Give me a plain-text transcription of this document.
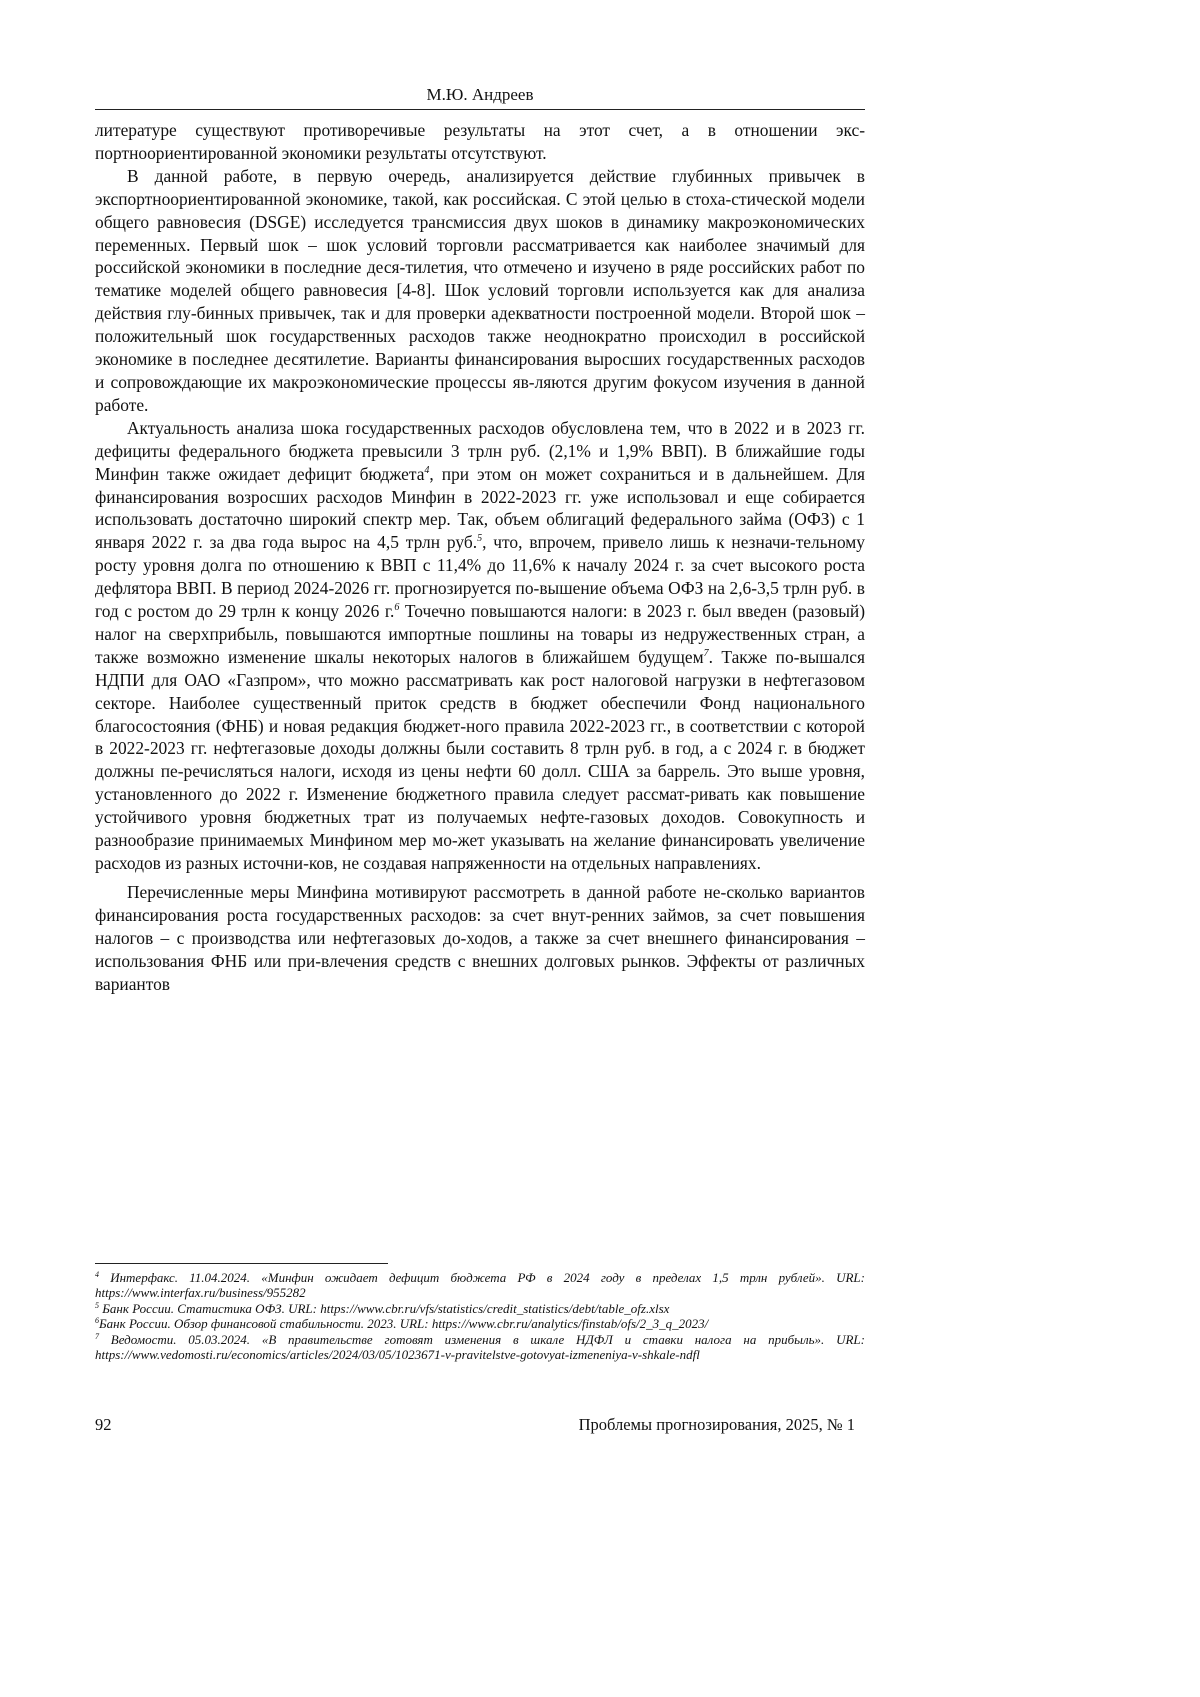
М.Ю. Андреев

литературе существуют противоречивые результаты на этот счет, а в отношении экс-портноориентированной экономики результаты отсутствуют.

В данной работе, в первую очередь, анализируется действие глубинных привычек в экспортноориентированной экономике, такой, как российская. С этой целью в стоха-стической модели общего равновесия (DSGE) исследуется трансмиссия двух шоков в динамику макроэкономических переменных. Первый шок – шок условий торговли рассматривается как наиболее значимый для российской экономики в последние деся-тилетия, что отмечено и изучено в ряде российских работ по тематике моделей общего равновесия [4-8]. Шок условий торговли используется как для анализа действия глу-бинных привычек, так и для проверки адекватности построенной модели. Второй шок – положительный шок государственных расходов также неоднократно происходил в российской экономике в последнее десятилетие. Варианты финансирования выросших государственных расходов и сопровождающие их макроэкономические процессы яв-ляются другим фокусом изучения в данной работе.

Актуальность анализа шока государственных расходов обусловлена тем, что в 2022 и в 2023 гг. дефициты федерального бюджета превысили 3 трлн руб. (2,1% и 1,9% ВВП). В ближайшие годы Минфин также ожидает дефицит бюджета$^4$, при этом он может сохраниться и в дальнейшем. Для финансирования возросших расходов Минфин в 2022-2023 гг. уже использовал и еще собирается использовать достаточно широкий спектр мер. Так, объем облигаций федерального займа (ОФЗ) с 1 января 2022 г. за два года вырос на 4,5 трлн руб.$^5$, что, впрочем, привело лишь к незначи-тельному росту уровня долга по отношению к ВВП с 11,4% до 11,6% к началу 2024 г. за счет высокого роста дефлятора ВВП. В период 2024-2026 гг. прогнозируется по-вышение объема ОФЗ на 2,6-3,5 трлн руб. в год с ростом до 29 трлн к концу 2026 г.$^6$ Точечно повышаются налоги: в 2023 г. был введен (разовый) налог на сверхприбыль, повышаются импортные пошлины на товары из недружественных стран, а также возможно изменение шкалы некоторых налогов в ближайшем будущем$^7$. Также по-вышался НДПИ для ОАО «Газпром», что можно рассматривать как рост налоговой нагрузки в нефтегазовом секторе. Наиболее существенный приток средств в бюджет обеспечили Фонд национального благосостояния (ФНБ) и новая редакция бюджет-ного правила 2022-2023 гг., в соответствии с которой в 2022-2023 гг. нефтегазовые доходы должны были составить 8 трлн руб. в год, а с 2024 г. в бюджет должны пе-речисляться налоги, исходя из цены нефти 60 долл. США за баррель. Это выше уровня, установленного до 2022 г. Изменение бюджетного правила следует рассмат-ривать как повышение устойчивого уровня бюджетных трат из получаемых нефте-газовых доходов. Совокупность и разнообразие принимаемых Минфином мер мо-жет указывать на желание финансировать увеличение расходов из разных источни-ков, не создавая напряженности на отдельных направлениях.

Перечисленные меры Минфина мотивируют рассмотреть в данной работе не-сколько вариантов финансирования роста государственных расходов: за счет внут-ренних займов, за счет повышения налогов – с производства или нефтегазовых до-ходов, а также за счет внешнего финансирования – использования ФНБ или при-влечения средств с внешних долговых рынков. Эффекты от различных вариантов

$^4$ Интерфакс. 11.04.2024. «Минфин ожидает дефицит бюджета РФ в 2024 году в пределах 1,5 трлн рублей». URL: https://www.interfax.ru/business/955282

$^5$ Банк России. Статистика ОФЗ. URL: https://www.cbr.ru/vfs/statistics/credit_statistics/debt/table_ofz.xlsx

$^6$Банк России. Обзор финансовой стабильности. 2023. URL: https://www.cbr.ru/analytics/finstab/ofs/2_3_q_2023/

$^7$ Ведомости. 05.03.2024. «В правительстве готовят изменения в шкале НДФЛ и ставки налога на прибыль». URL: https://www.vedomosti.ru/economics/articles/2024/03/05/1023671-v-pravitelstve-gotovyat-izmeneniya-v-shkale-ndfl

92	Проблемы прогнозирования, 2025, № 1
